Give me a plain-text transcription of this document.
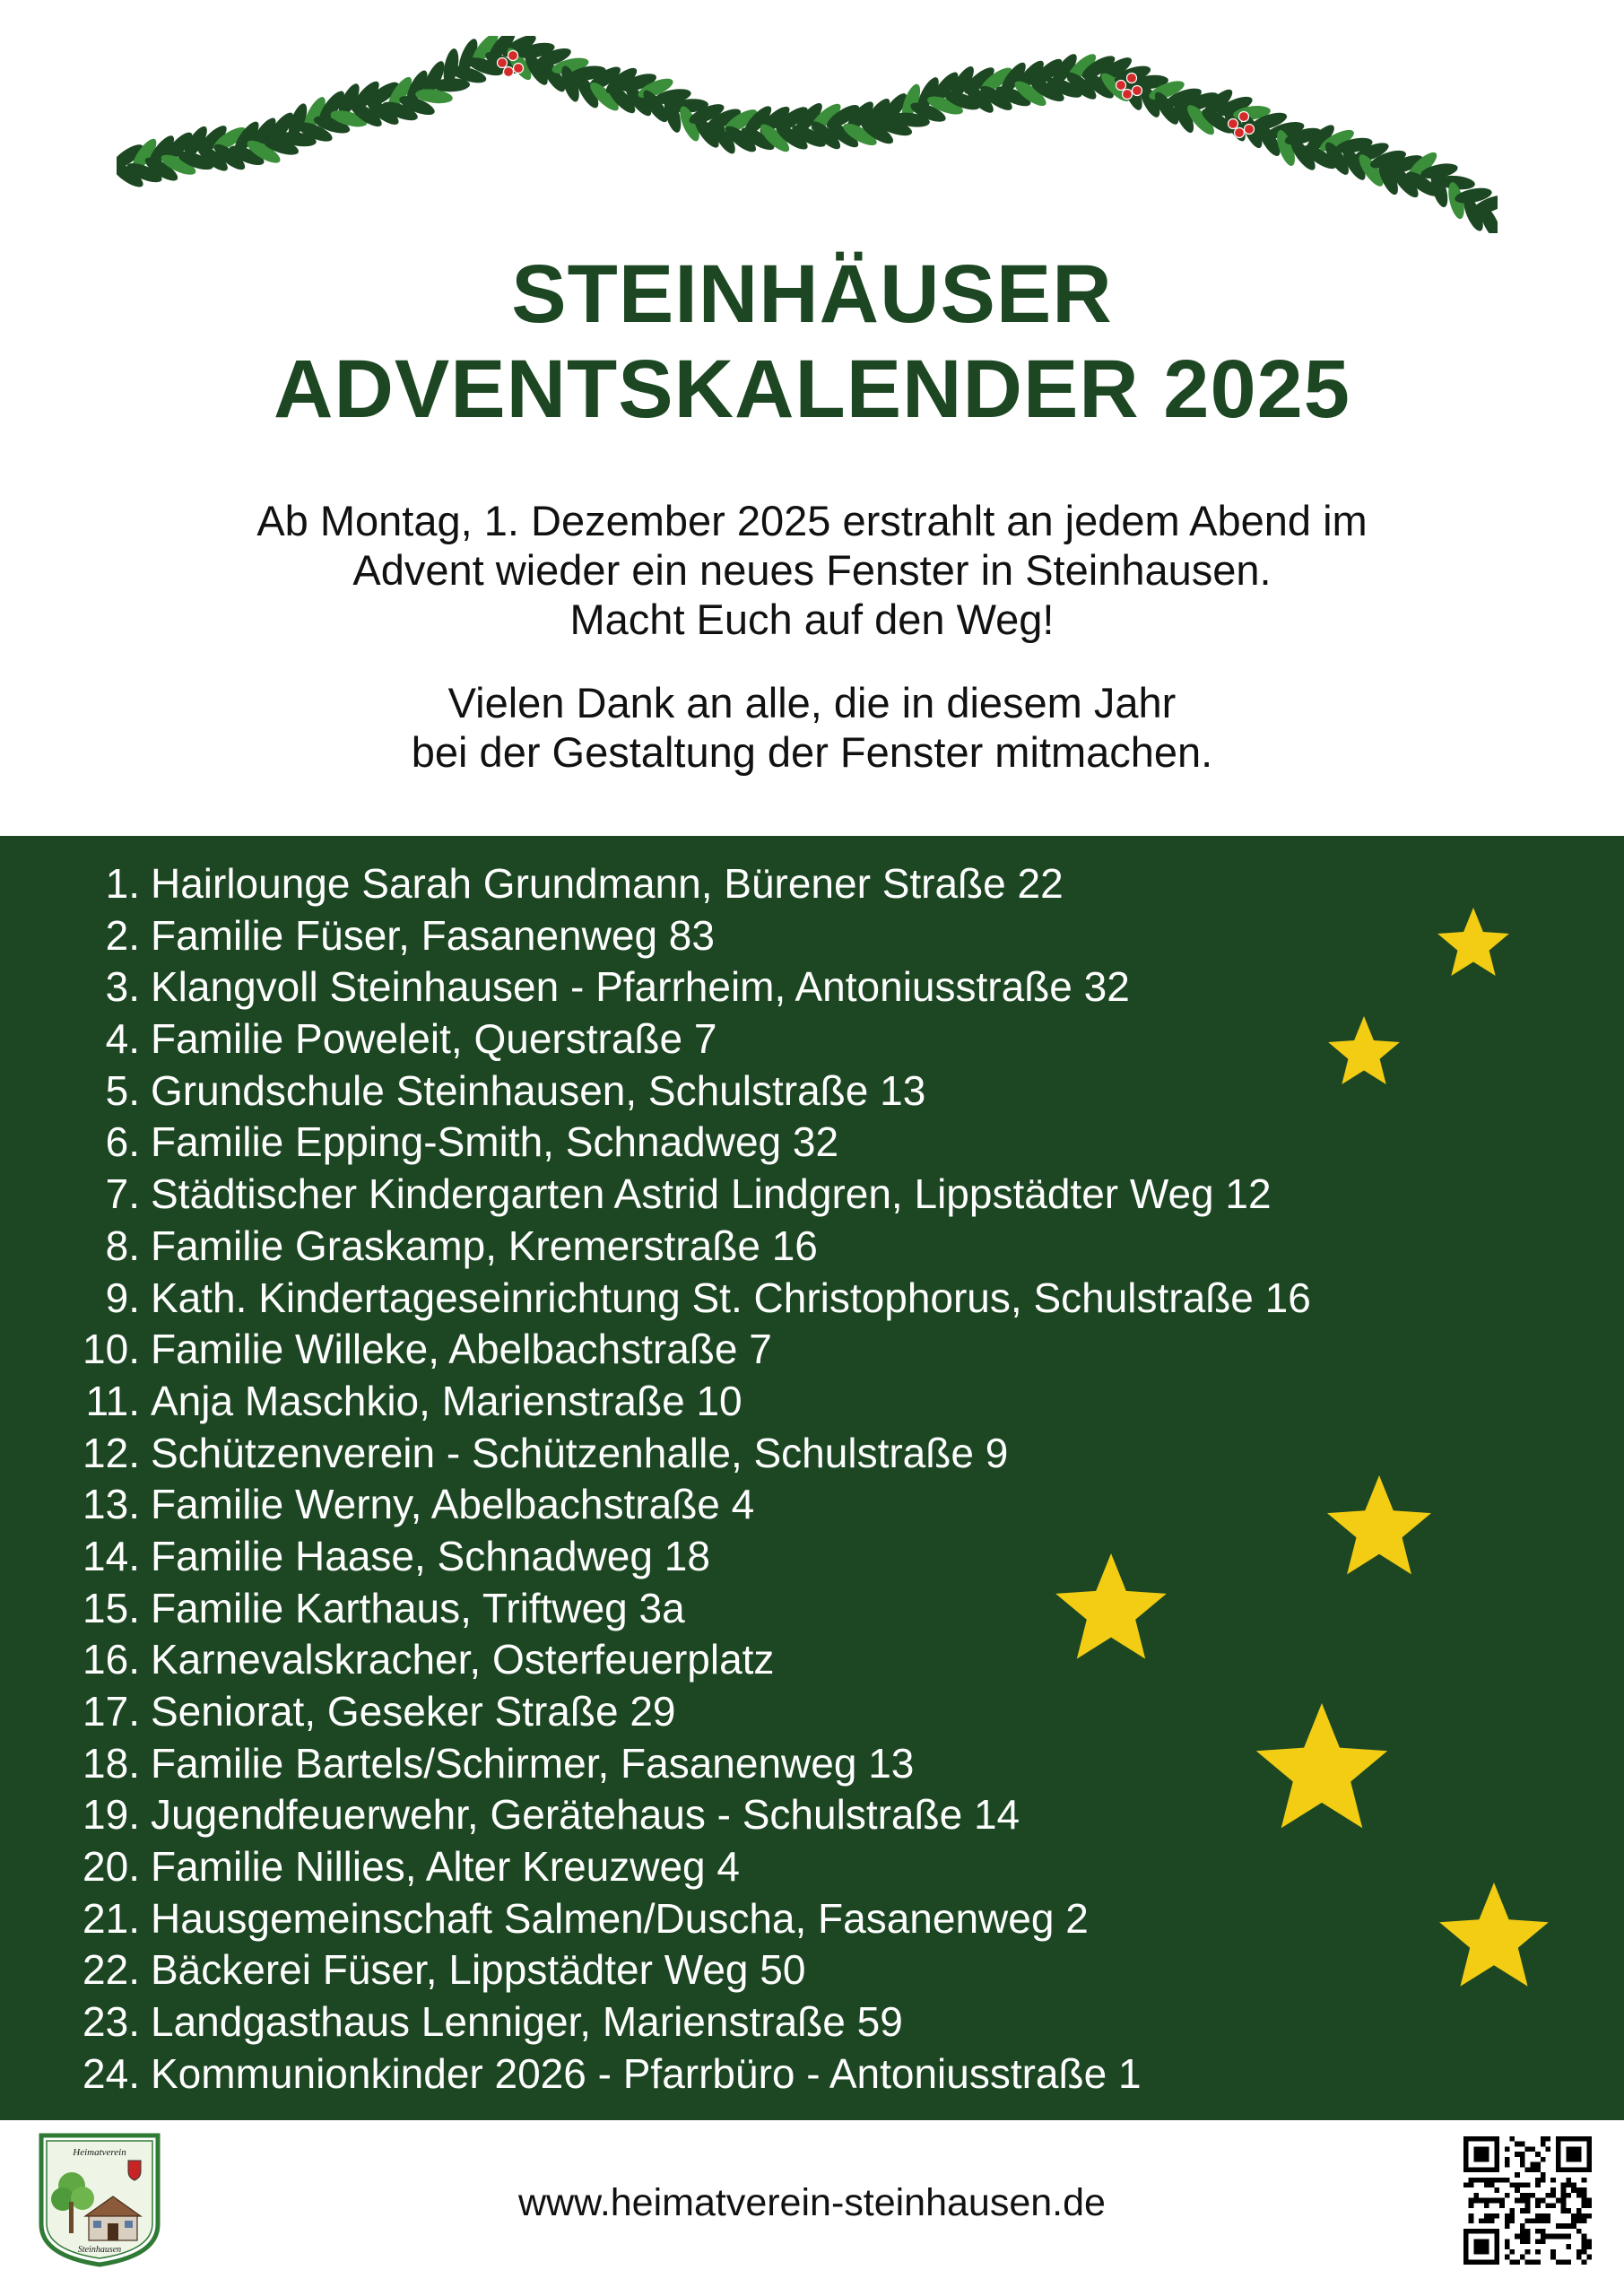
STEINHÄUSER
ADVENTSKALENDER 2025
Ab Montag, 1. Dezember 2025 erstrahlt an jedem Abend im
Advent wieder ein neues Fenster in Steinhausen.
Macht Euch auf den Weg!
Vielen Dank an alle, die in diesem Jahr
bei der Gestaltung der Fenster mitmachen.
1. Hairlounge Sarah Grundmann, Bürener Straße 22
2. Familie Füser, Fasanenweg 83
3. Klangvoll Steinhausen - Pfarrheim, Antoniusstraße 32
4. Familie Poweleit, Querstraße 7
5. Grundschule Steinhausen, Schulstraße 13
6. Familie Epping-Smith, Schnadweg 32
7. Städtischer Kindergarten Astrid Lindgren, Lippstädter Weg 12
8. Familie Graskamp, Kremerstraße 16
9. Kath. Kindertageseinrichtung St. Christophorus, Schulstraße 16
10. Familie Willeke, Abelbachstraße 7
11. Anja Maschkio, Marienstraße 10
12. Schützenverein - Schützenhalle, Schulstraße 9
13. Familie Werny, Abelbachstraße 4
14. Familie Haase, Schnadweg 18
15. Familie Karthaus, Triftweg 3a
16. Karnevalskracher, Osterfeuerplatz
17. Seniorat, Geseker Straße 29
18. Familie Bartels/Schirmer, Fasanenweg 13
19. Jugendfeuerwehr, Gerätehaus - Schulstraße 14
20. Familie Nillies, Alter Kreuzweg 4
21. Hausgemeinschaft Salmen/Duscha, Fasanenweg 2
22. Bäckerei Füser, Lippstädter Weg 50
23. Landgasthaus Lenniger, Marienstraße 59
24. Kommunionkinder 2026 - Pfarrbüro - Antoniusstraße 1
Heimatverein
Steinhausen
www.heimatverein-steinhausen.de
